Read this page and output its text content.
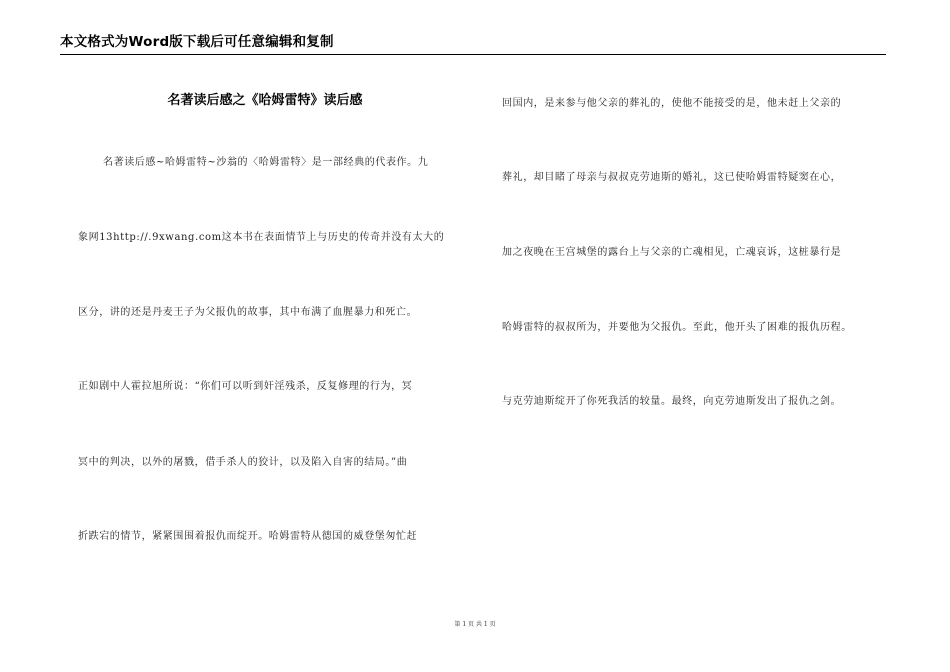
本文格式为Word版下载后可任意编辑和复制
名著读后感之《哈姆雷特》读后感
名著读后感~哈姆雷特~沙翁的〈哈姆雷特〉是一部经典的代表作。九
象网13http://.9xwang.com这本书在表面情节上与历史的传奇并没有太大的
区分，讲的还是丹麦王子为父报仇的故事，其中布满了血腥暴力和死亡。
正如剧中人霍拉旭所说：“你们可以听到奸淫残杀，反复修理的行为，冥
冥中的判决，以外的屠戮，借手杀人的狡计，以及陷入自害的结局。”曲
折跌宕的情节，紧紧围围着报仇而绽开。哈姆雷特从德国的威登堡匆忙赶
回国内，是来参与他父亲的葬礼的，使他不能接受的是，他未赶上父亲的
葬礼，却目睹了母亲与叔叔克劳迪斯的婚礼，这已使哈姆雷特疑窦在心，
加之夜晚在王宫城堡的露台上与父亲的亡魂相见，亡魂哀诉，这桩暴行是
哈姆雷特的叔叔所为，并要他为父报仇。至此，他开头了困难的报仇历程。
与克劳迪斯绽开了你死我活的较量。最终，向克劳迪斯发出了报仇之剑。
第 1 页 共 1 页
